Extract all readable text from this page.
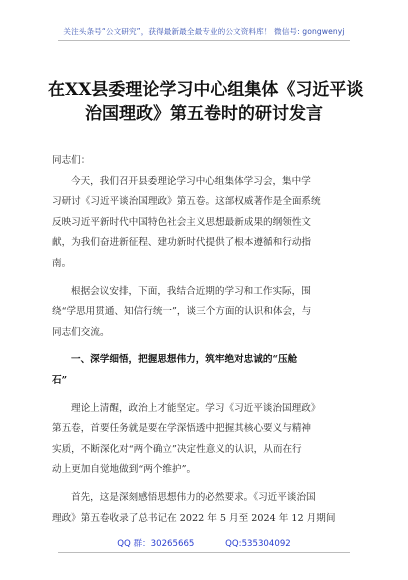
关注头条号“公文研究”，获得最新最全最专业的公文资料库！ 微信号: gongwenyj
在XX县委理论学习中心组集体《习近平谈
治国理政》第五卷时的研讨发言

同志们：

今天，我们召开县委理论学习中心组集体学习会，集中学

习研讨《习近平谈治国理政》第五卷。这部权威著作是全面系统

反映习近平新时代中国特色社会主义思想最新成果的纲领性文

献，为我们奋进新征程、建功新时代提供了根本遵循和行动指

南。

根据会议安排，下面，我结合近期的学习和工作实际，围

绕“学思用贯通、知信行统一”，谈三个方面的认识和体会，与

同志们交流。

一、深学细悟，把握思想伟力，筑牢绝对忠诚的“压舱

石”

理论上清醒，政治上才能坚定。学习《习近平谈治国理政》

第五卷，首要任务就是要在学深悟透中把握其核心要义与精神

实质，不断深化对“两个确立”决定性意义的认识，从而在行

动上更加自觉地做到“两个维护”。

首先，这是深刻感悟思想伟力的必然要求。《习近平谈治国

理政》第五卷收录了总书记在 2022 年 5 月至 2024 年 12 月期间

QQ 群：30265665	QQ:535304092
